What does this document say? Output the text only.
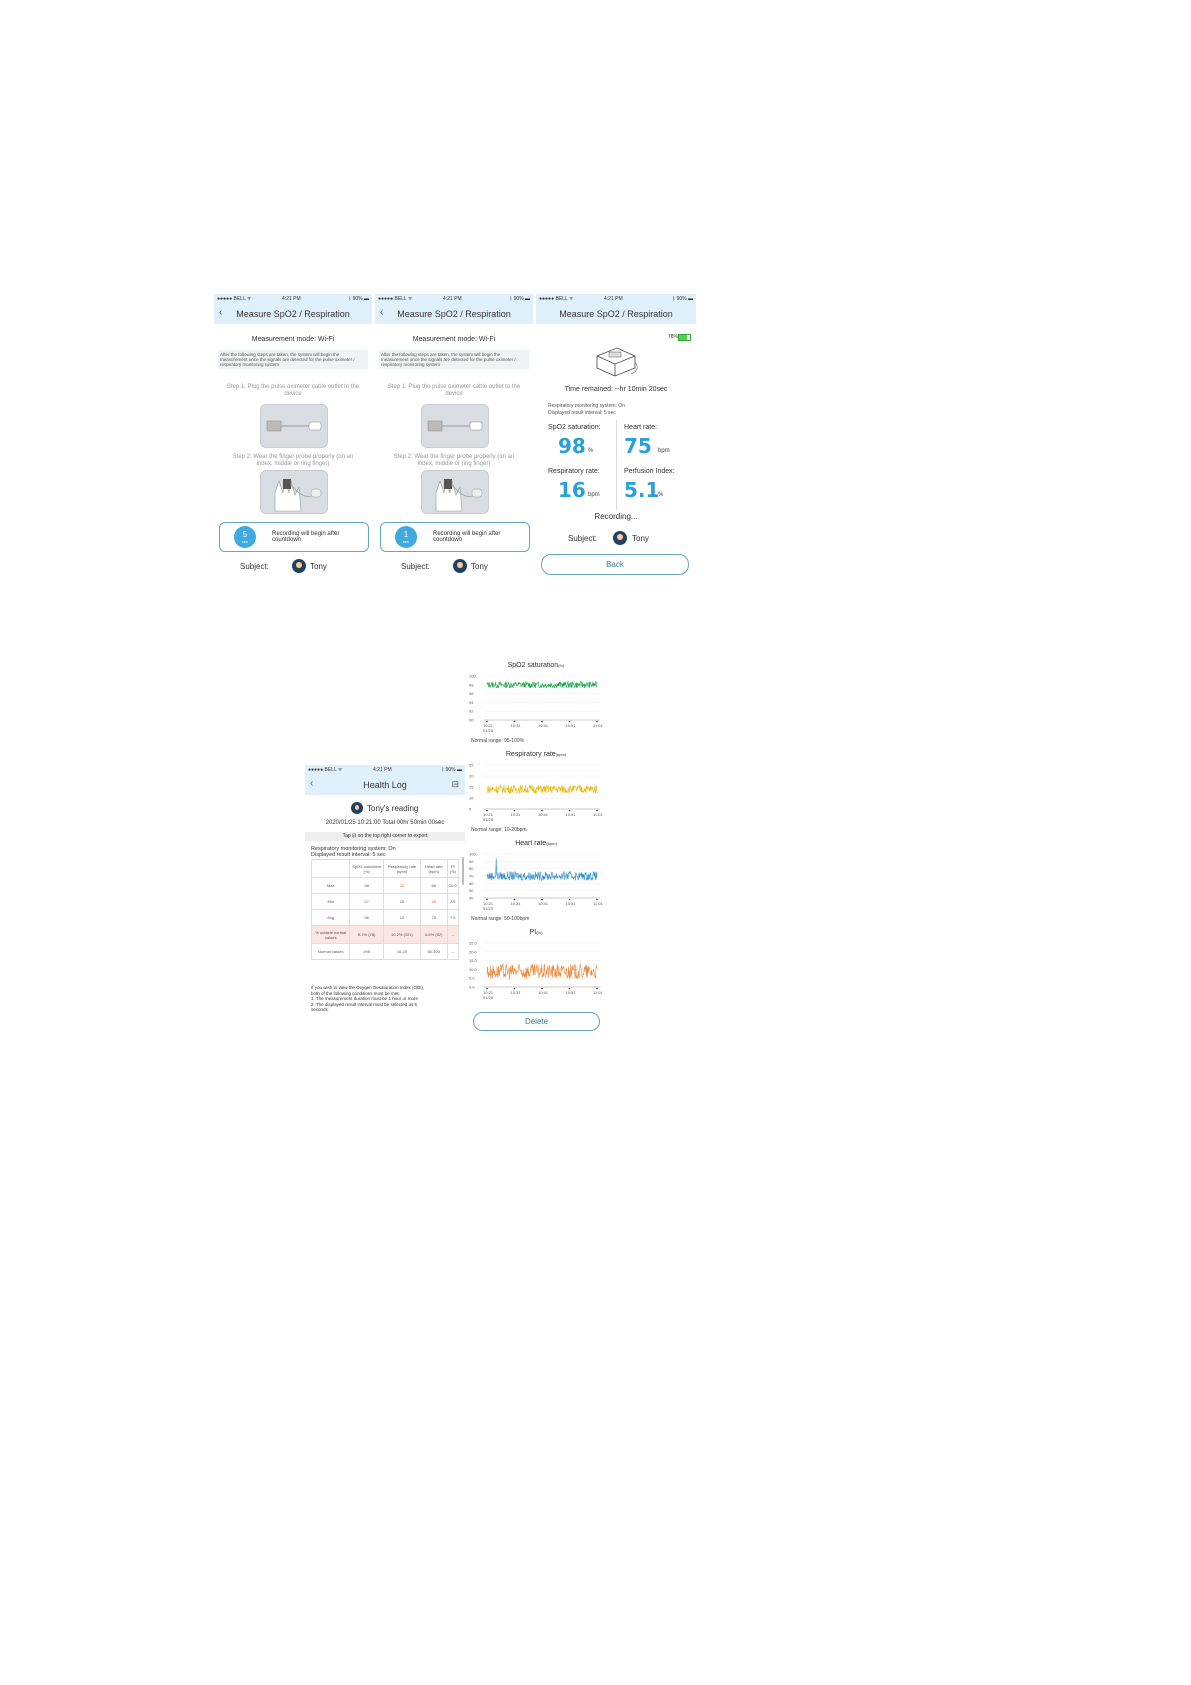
●●●●● BELL ᯤ	4:21 PM	ᛒ 90% ▬
‹	Measure SpO2 / Respiration
Measurement mode: Wi-Fi
After the following steps are taken, the system will begin the measurement once the signals are detected for the pulse oximeter / respiratory monitoring system
Step 1: Plug the pulse oximeter cable outlet to the device
Step 2: Wear the finger probe properly (on an index, middle or ring finger)
5
sec
Recording will begin after countdown
Subject:	Tony
●●●●● BELL ᯤ	4:21 PM	ᛒ 90% ▬
‹	Measure SpO2 / Respiration
Measurement mode: Wi-Fi
After the following steps are taken, the system will begin the measurement once the signals are detected for the pulse oximeter / respiratory monitoring system
Step 1: Plug the pulse oximeter cable outlet to the device
Step 2: Wear the finger probe properly (on an index, middle or ring finger)
1
sec
Recording will begin after countdown
Subject:	Tony
●●●●● BELL ᯤ	4:21 PM	ᛒ 90% ▬
Measure SpO2 / Respiration
78%
Time remained: --hr 10min 20sec
Respiratory monitoring system: On
Displayed result interval: 5 sec
SpO2 saturation:
98 %
Heart rate:
75 bpm
Respiratory rate:
16 bpm
Perfusion Index:
5.1
%
Recording...
Subject:	Tony
Back
●●●●● BELL ᯤ	4:21 PM	ᛒ 90% ▬
‹	Health Log	⊟
Tony's reading
2020/01/25 10:21:00 Total 00hr 50min 00sec
Tap ⊟ on the top right corner to export
Respiratory monitoring system: On
Displayed result interval: 5 sec
	SpO2 saturation (%)	Respiratory rate (bpm)	Heart rate (bpm)	PI (%)
Max	98	23	88	10.0
Min	87	10	45	2.5
Avg	96	12	75	7.0
% outside normal values	8.1% (78)	10.2% (101)	8.5% (82)	--
Normal values	≥95	10-20	50-100	--
If you wish to view the Oxygen Desaturation Index (ODI),
both of the following conditions must be met:
1. The measurement duration must be 1 hour or more
2. The displayed result interval must be selected as 5
seconds.
SpO2 saturation(%)
100
98
96
94
92
90
10:21
01/25
10:31	10:41	10:51	11:01
Normal range: 95-100%
Respiratory rate(bpm)
25
20
15
10
5
10:21
01/25
10:31	10:41	10:51	11:01
Normal range: 10-20bpm
Heart rate(bpm)
100
90
80
70
60
50
40
10:21
01/25
10:31	10:41	10:51	11:01
Normal range: 50-100bpm
PI(%)
25.0
20.0
15.0
10.0
5.0
0.0
10:21
01/25
10:31	10:41	10:51	11:01
Delete
